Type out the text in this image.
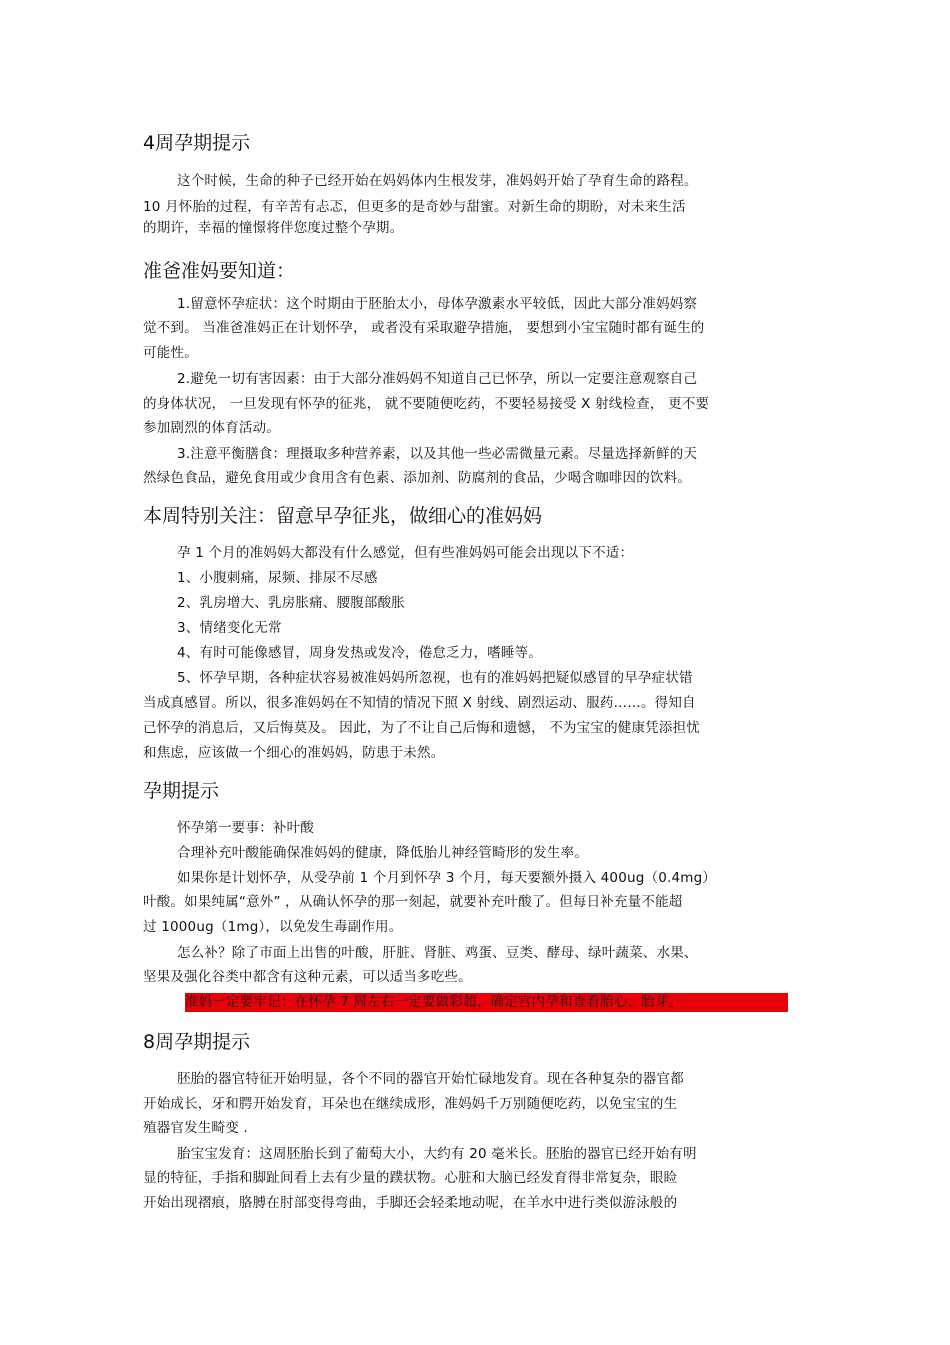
4周孕期提示
这个时候，生命的种子已经开始在妈妈体内生根发芽，准妈妈开始了孕育生命的路程。
10 月怀胎的过程，有辛苦有忐忑，但更多的是奇妙与甜蜜。对新生命的期盼，对未来生活
的期许，幸福的憧憬将伴您度过整个孕期。
准爸准妈要知道：
1.留意怀孕症状：这个时期由于胚胎太小，母体孕激素水平较低，因此大部分准妈妈察
觉不到。 当准爸准妈正在计划怀孕， 或者没有采取避孕措施， 要想到小宝宝随时都有诞生的
可能性。
2.避免一切有害因素：由于大部分准妈妈不知道自己已怀孕，所以一定要注意观察自己
的身体状况， 一旦发现有怀孕的征兆， 就不要随便吃药，不要轻易接受 X 射线检查， 更不要
参加剧烈的体育活动。
3.注意平衡膳食：理摄取多种营养素，以及其他一些必需微量元素。尽量选择新鲜的天
然绿色食品，避免食用或少食用含有色素、添加剂、防腐剂的食品，少喝含咖啡因的饮料。
本周特别关注：留意早孕征兆，做细心的准妈妈
孕 1 个月的准妈妈大都没有什么感觉，但有些准妈妈可能会出现以下不适：
1、小腹刺痛，尿频、排尿不尽感
2、乳房增大、乳房胀痛、腰腹部酸胀
3、情绪变化无常
4、有时可能像感冒，周身发热或发冷，倦怠乏力，嗜睡等。
5、怀孕早期，各种症状容易被准妈妈所忽视，也有的准妈妈把疑似感冒的早孕症状错
当成真感冒。所以，很多准妈妈在不知情的情况下照 X 射线、剧烈运动、服药……。得知自
己怀孕的消息后，又后悔莫及。 因此，为了不让自己后悔和遗憾， 不为宝宝的健康凭添担忧
和焦虑，应该做一个细心的准妈妈，防患于未然。
孕期提示
怀孕第一要事：补叶酸
合理补充叶酸能确保准妈妈的健康，降低胎儿神经管畸形的发生率。
如果你是计划怀孕，从受孕前 1 个月到怀孕 3 个月，每天要额外摄入 400ug（0.4mg）
叶酸。如果纯属“意外” ，从确认怀孕的那一刻起，就要补充叶酸了。但每日补充量不能超
过 1000ug（1mg），以免发生毒副作用。
怎么补？除了市面上出售的叶酸，肝脏、肾脏、鸡蛋、豆类、酵母、绿叶蔬菜、水果、
坚果及强化谷类中都含有这种元素，可以适当多吃些。
准妈一定要牢记：在怀孕 7 周左右一定要做彩超，确定宫内孕和查看胎心、胎芽。
8周孕期提示
胚胎的器官特征开始明显，各个不同的器官开始忙碌地发育。现在各种复杂的器官都
开始成长，牙和腭开始发育，耳朵也在继续成形，准妈妈千万别随便吃药，以免宝宝的生
殖器官发生畸变 .
胎宝宝发育：这周胚胎长到了葡萄大小，大约有 20 毫米长。胚胎的器官已经开始有明
显的特征，手指和脚趾间看上去有少量的蹼状物。心脏和大脑已经发育得非常复杂，眼睑
开始出现褶痕，胳膊在肘部变得弯曲，手脚还会轻柔地动呢，在羊水中进行类似游泳般的
